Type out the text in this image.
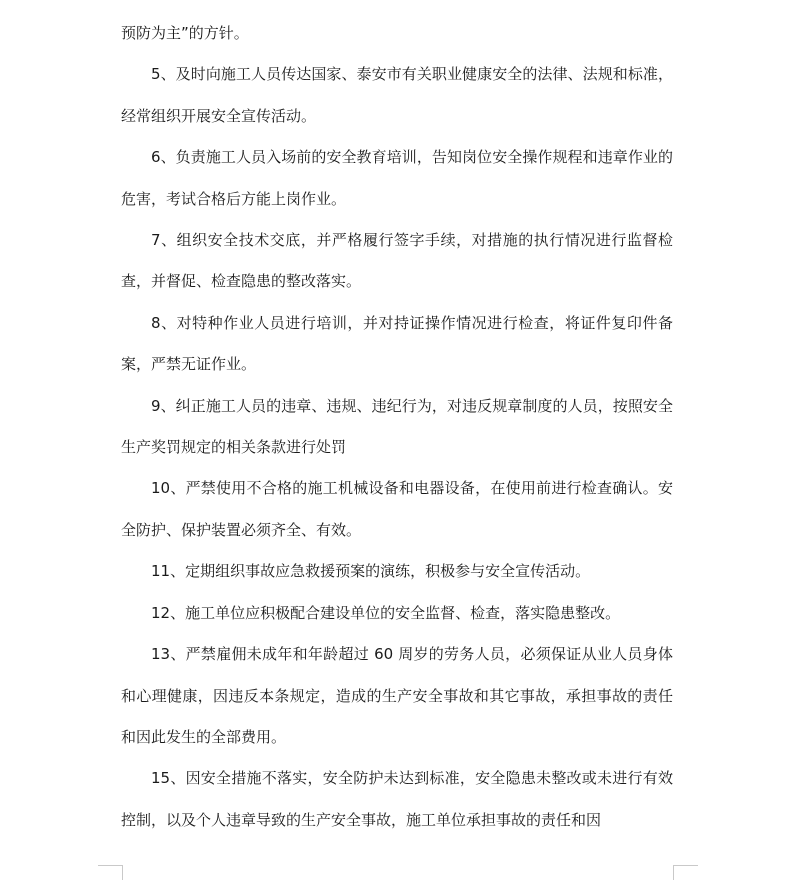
预防为主”的方针。

5、及时向施工人员传达国家、泰安市有关职业健康安全的法律、法规和标准，经常组织开展安全宣传活动。

6、负责施工人员入场前的安全教育培训，告知岗位安全操作规程和违章作业的危害，考试合格后方能上岗作业。

7、组织安全技术交底，并严格履行签字手续，对措施的执行情况进行监督检查，并督促、检查隐患的整改落实。

8、对特种作业人员进行培训，并对持证操作情况进行检查，将证件复印件备案，严禁无证作业。

9、纠正施工人员的违章、违规、违纪行为，对违反规章制度的人员，按照安全生产奖罚规定的相关条款进行处罚

10、严禁使用不合格的施工机械设备和电器设备，在使用前进行检查确认。安全防护、保护装置必须齐全、有效。

11、定期组织事故应急救援预案的演练，积极参与安全宣传活动。

12、施工单位应积极配合建设单位的安全监督、检查，落实隐患整改。

13、严禁雇佣未成年和年龄超过 60 周岁的劳务人员，必须保证从业人员身体和心理健康，因违反本条规定，造成的生产安全事故和其它事故，承担事故的责任和因此发生的全部费用。

15、因安全措施不落实，安全防护未达到标准，安全隐患未整改或未进行有效控制，以及个人违章导致的生产安全事故，施工单位承担事故的责任和因
